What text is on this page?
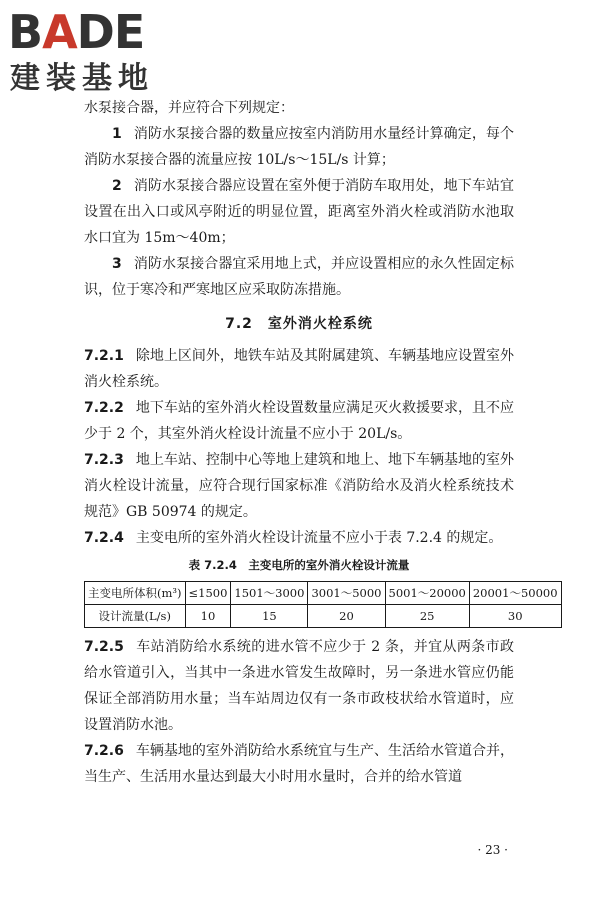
BADE
建装基地

水泵接合器，并应符合下列规定：

1 消防水泵接合器的数量应按室内消防用水量经计算确定，每个消防水泵接合器的流量应按 10L/s～15L/s 计算；

2 消防水泵接合器应设置在室外便于消防车取用处，地下车站宜设置在出入口或风亭附近的明显位置，距离室外消火栓或消防水池取水口宜为 15m～40m；

3 消防水泵接合器宜采用地上式，并应设置相应的永久性固定标识，位于寒冷和严寒地区应采取防冻措施。

7.2　 室外消火栓系统

7.2.1 除地上区间外，地铁车站及其附属建筑、车辆基地应设置室外消火栓系统。

7.2.2 地下车站的室外消火栓设置数量应满足灭火救援要求，且不应少于 2 个，其室外消火栓设计流量不应小于 20L/s。

7.2.3 地上车站、控制中心等地上建筑和地上、地下车辆基地的室外消火栓设计流量，应符合现行国家标准《消防给水及消火栓系统技术规范》GB 50974 的规定。

7.2.4 主变电所的室外消火栓设计流量不应小于表 7.2.4 的规定。

表 7.2.4　主变电所的室外消火栓设计流量
主变电所体积(m³)	≤1500	1501～3000	3001～5000	5001～20000	20001～50000
设计流量(L/s)	10	15	20	25	30

7.2.5 车站消防给水系统的进水管不应少于 2 条，并宜从两条市政给水管道引入，当其中一条进水管发生故障时，另一条进水管应仍能保证全部消防用水量；当车站周边仅有一条市政枝状给水管道时，应设置消防水池。

7.2.6 车辆基地的室外消防给水系统宜与生产、生活给水管道合并，当生产、生活用水量达到最大小时用水量时，合并的给水管道

· 23 ·
